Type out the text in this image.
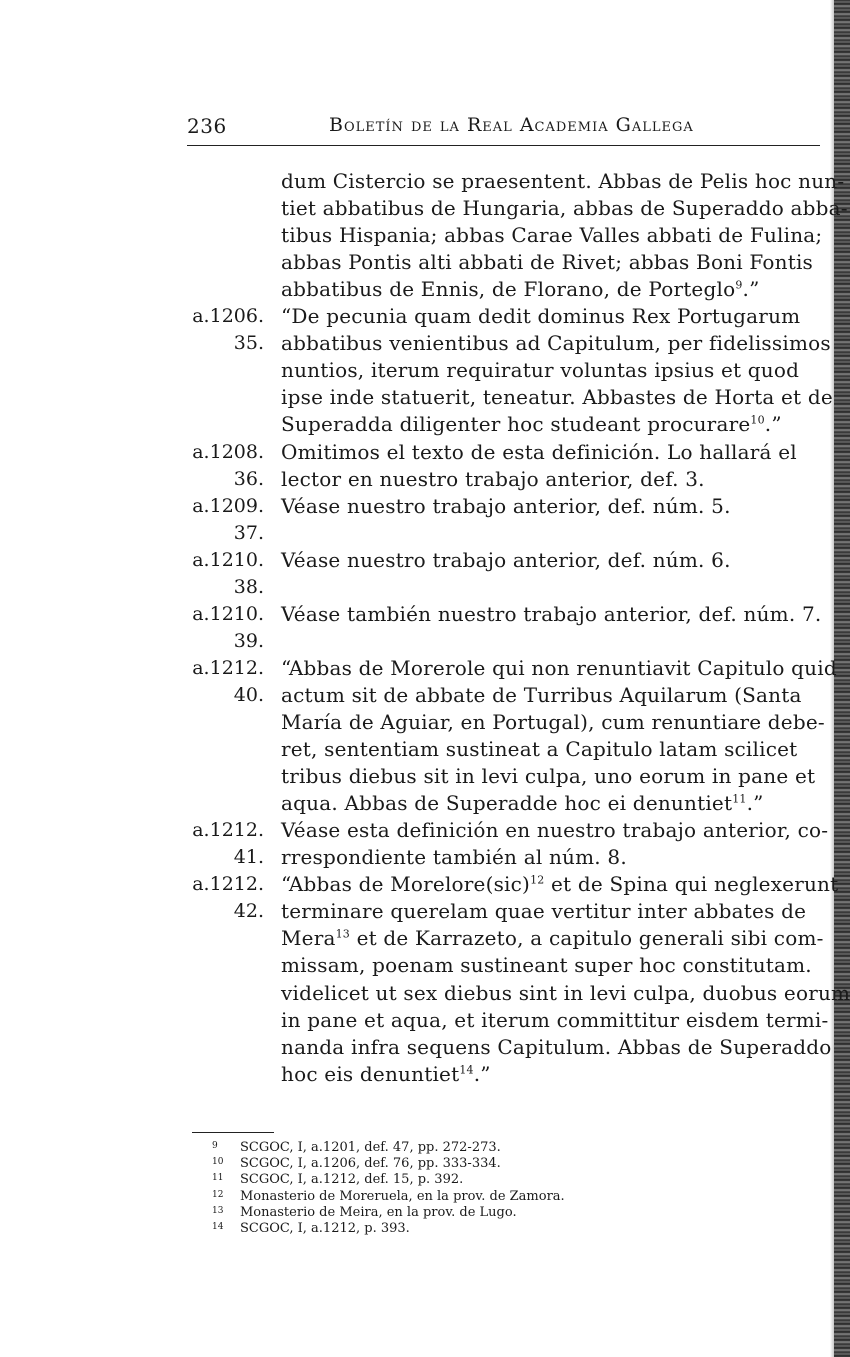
236	Boletín de la Real Academia Gallega
dum Cistercio se praesentent. Abbas de Pelis hoc nun-
tiet abbatibus de Hungaria, abbas de Superaddo abba-
tibus Hispania; abbas Carae Valles abbati de Fulina;
abbas Pontis alti abbati de Rivet; abbas Boni Fontis
abbatibus de Ennis, de Florano, de Porteglo$^9$.”
a.1206. “De pecunia quam dedit dominus Rex Portugarum
35. abbatibus venientibus ad Capitulum, per fidelissimos
nuntios, iterum requiratur voluntas ipsius et quod
ipse inde statuerit, teneatur. Abbastes de Horta et de
Superadda diligenter hoc studeant procurare$^{10}$.”
a.1208. Omitimos el texto de esta definición. Lo hallará el
36. lector en nuestro trabajo anterior, def. 3.
a.1209. Véase nuestro trabajo anterior, def. núm. 5.
37.
a.1210. Véase nuestro trabajo anterior, def. núm. 6.
38.
a.1210. Véase también nuestro trabajo anterior, def. núm. 7.
39.
a.1212. “Abbas de Morerole qui non renuntiavit Capitulo quid
40. actum sit de abbate de Turribus Aquilarum (Santa
María de Aguiar, en Portugal), cum renuntiare debe-
ret, sententiam sustineat a Capitulo latam scilicet
tribus diebus sit in levi culpa, uno eorum in pane et
aqua. Abbas de Superadde hoc ei denuntiet$^{11}$.”
a.1212. Véase esta definición en nuestro trabajo anterior, co-
41. rrespondiente también al núm. 8.
a.1212. “Abbas de Morelore(sic)$^{12}$ et de Spina qui neglexerunt
42. terminare querelam quae vertitur inter abbates de
Mera$^{13}$ et de Karrazeto, a capitulo generali sibi com-
missam, poenam sustineant super hoc constitutam.
videlicet ut sex diebus sint in levi culpa, duobus eorum
in pane et aqua, et iterum committitur eisdem termi-
nanda infra sequens Capitulum. Abbas de Superaddo
hoc eis denuntiet$^{14}$.”
9 SCGOC, I, a.1201, def. 47, pp. 272-273.
10 SCGOC, I, a.1206, def. 76, pp. 333-334.
11 SCGOC, I, a.1212, def. 15, p. 392.
12 Monasterio de Moreruela, en la prov. de Zamora.
13 Monasterio de Meira, en la prov. de Lugo.
14 SCGOC, I, a.1212, p. 393.
